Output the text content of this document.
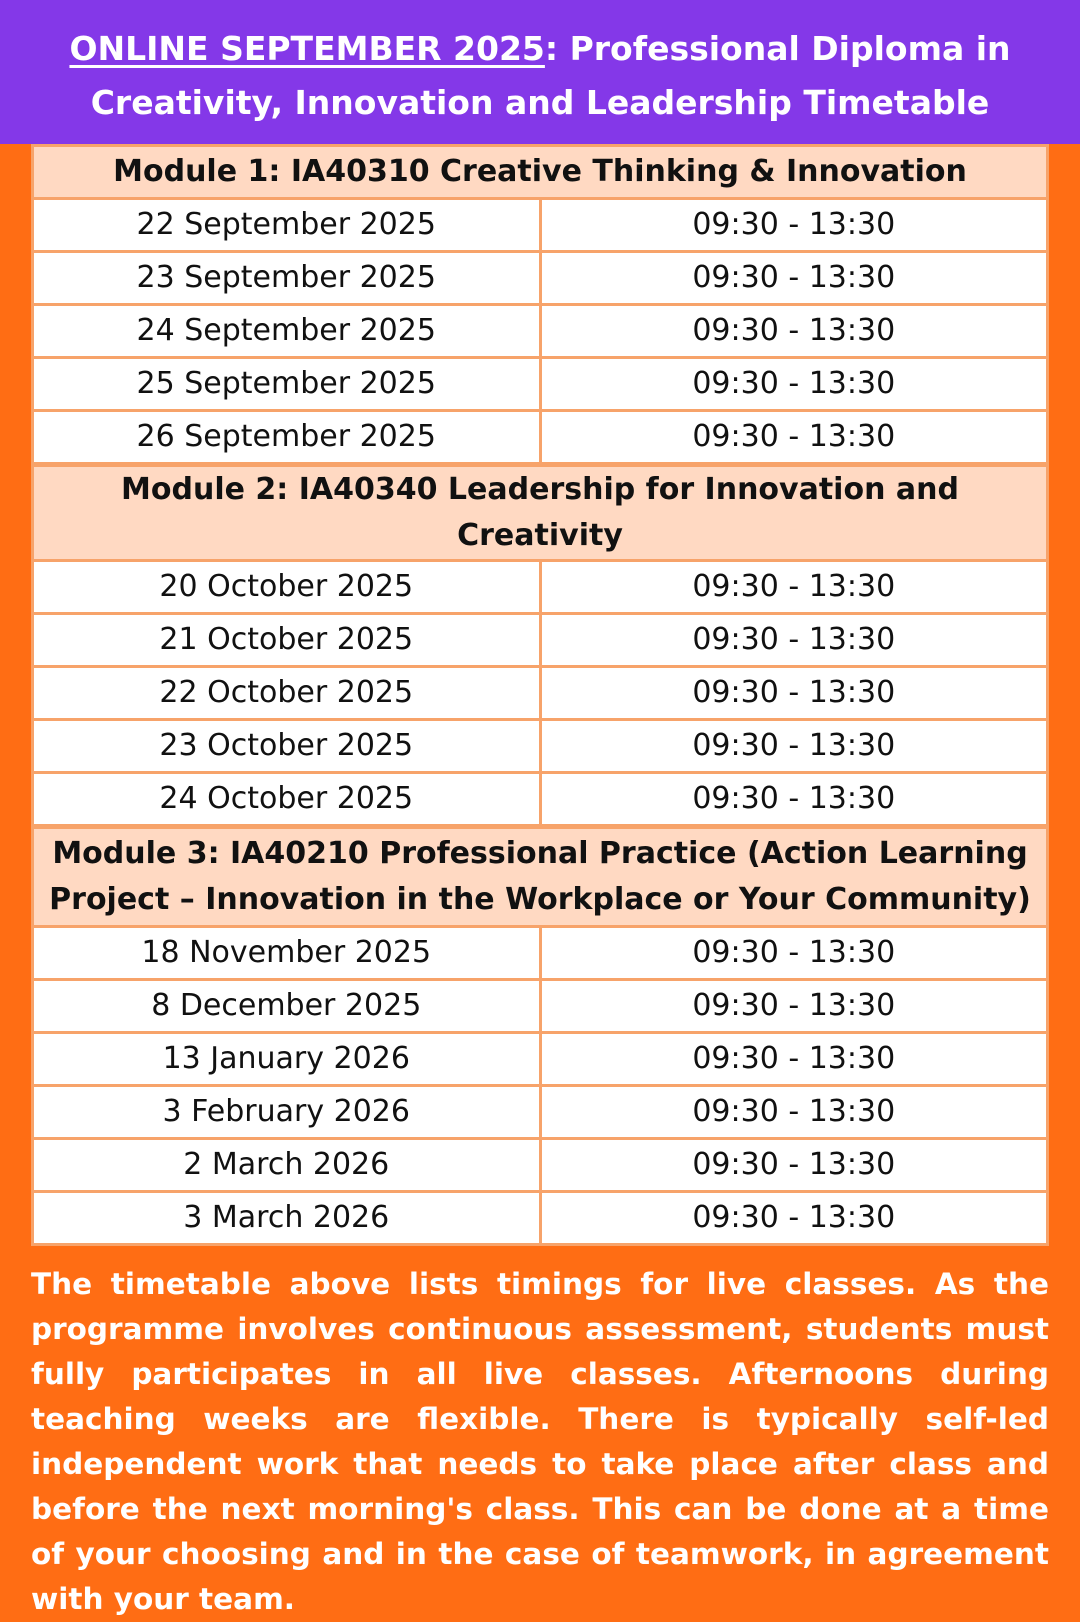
ONLINE SEPTEMBER 2025: Professional Diploma in Creativity, Innovation and Leadership Timetable
Module 1: IA40310 Creative Thinking & Innovation	
22 September 2025	09:30 - 13:30
23 September 2025	09:30 - 13:30
24 September 2025	09:30 - 13:30
25 September 2025	09:30 - 13:30
26 September 2025	09:30 - 13:30
Module 2: IA40340 Leadership for Innovation and Creativity	
20 October 2025	09:30 - 13:30
21 October 2025	09:30 - 13:30
22 October 2025	09:30 - 13:30
23 October 2025	09:30 - 13:30
24 October 2025	09:30 - 13:30
Module 3: IA40210 Professional Practice (Action Learning
Project – Innovation in the Workplace or Your Community)	
18 November 2025	09:30 - 13:30
8 December 2025	09:30 - 13:30
13 January 2026	09:30 - 13:30
3 February 2026	09:30 - 13:30
2 March 2026	09:30 - 13:30
3 March 2026	09:30 - 13:30
The timetable above lists timings for live classes. As the programme involves continuous assessment, students must fully participates in all live classes. Afternoons during teaching weeks are flexible. There is typically self-led independent work that needs to take place after class and before the next morning's class. This can be done at a time of your choosing and in the case of teamwork, in agreement with your team.
